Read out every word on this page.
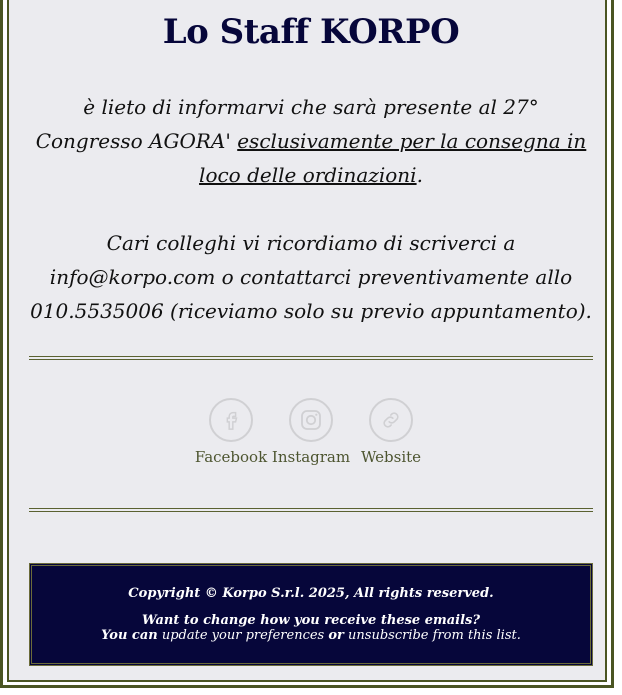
Lo Staff KORPO
è lieto di informarvi che sarà presente al 27° Congresso AGORA' esclusivamente per la consegna in loco delle ordinazioni.
Cari colleghi vi ricordiamo di scriverci a info@korpo.com o contattarci preventivamente allo 010.5535006 (riceviamo solo su previo appuntamento).
Facebook Instagram Website
Copyright © Korpo S.r.l. 2025, All rights reserved.
Want to change how you receive these emails?
You can update your preferences or unsubscribe from this list.
